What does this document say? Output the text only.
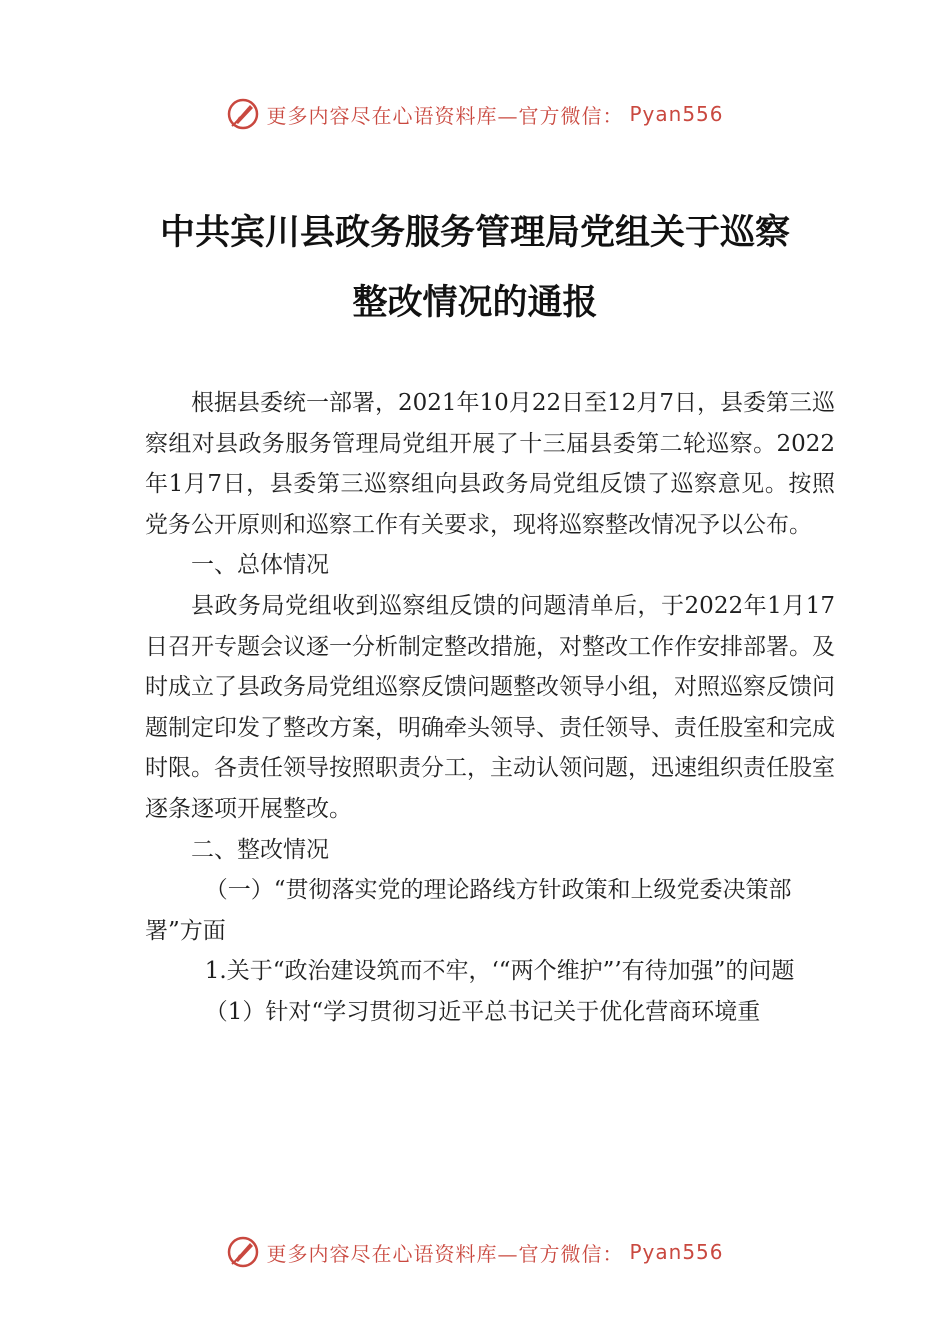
更多内容尽在心语资料库—官方微信： Pyan556
中共宾川县政务服务管理局党组关于巡察
整改情况的通报

根据县委统一部署，2021年10月22日至12月7日，县委第三巡察组对县政务服务管理局党组开展了十三届县委第二轮巡察。2022年1月7日，县委第三巡察组向县政务局党组反馈了巡察意见。按照党务公开原则和巡察工作有关要求，现将巡察整改情况予以公布。

一、总体情况

县政务局党组收到巡察组反馈的问题清单后，于2022年1月17日召开专题会议逐一分析制定整改措施，对整改工作作安排部署。及时成立了县政务局党组巡察反馈问题整改领导小组，对照巡察反馈问题制定印发了整改方案，明确牵头领导、责任领导、责任股室和完成时限。各责任领导按照职责分工，主动认领问题，迅速组织责任股室逐条逐项开展整改。

二、整改情况

（一）“贯彻落实党的理论路线方针政策和上级党委决策部署”方面

1.关于“政治建设筑而不牢，‘“两个维护”’有待加强”的问题

（1）针对“学习贯彻习近平总书记关于优化营商环境重

更多内容尽在心语资料库—官方微信： Pyan556
